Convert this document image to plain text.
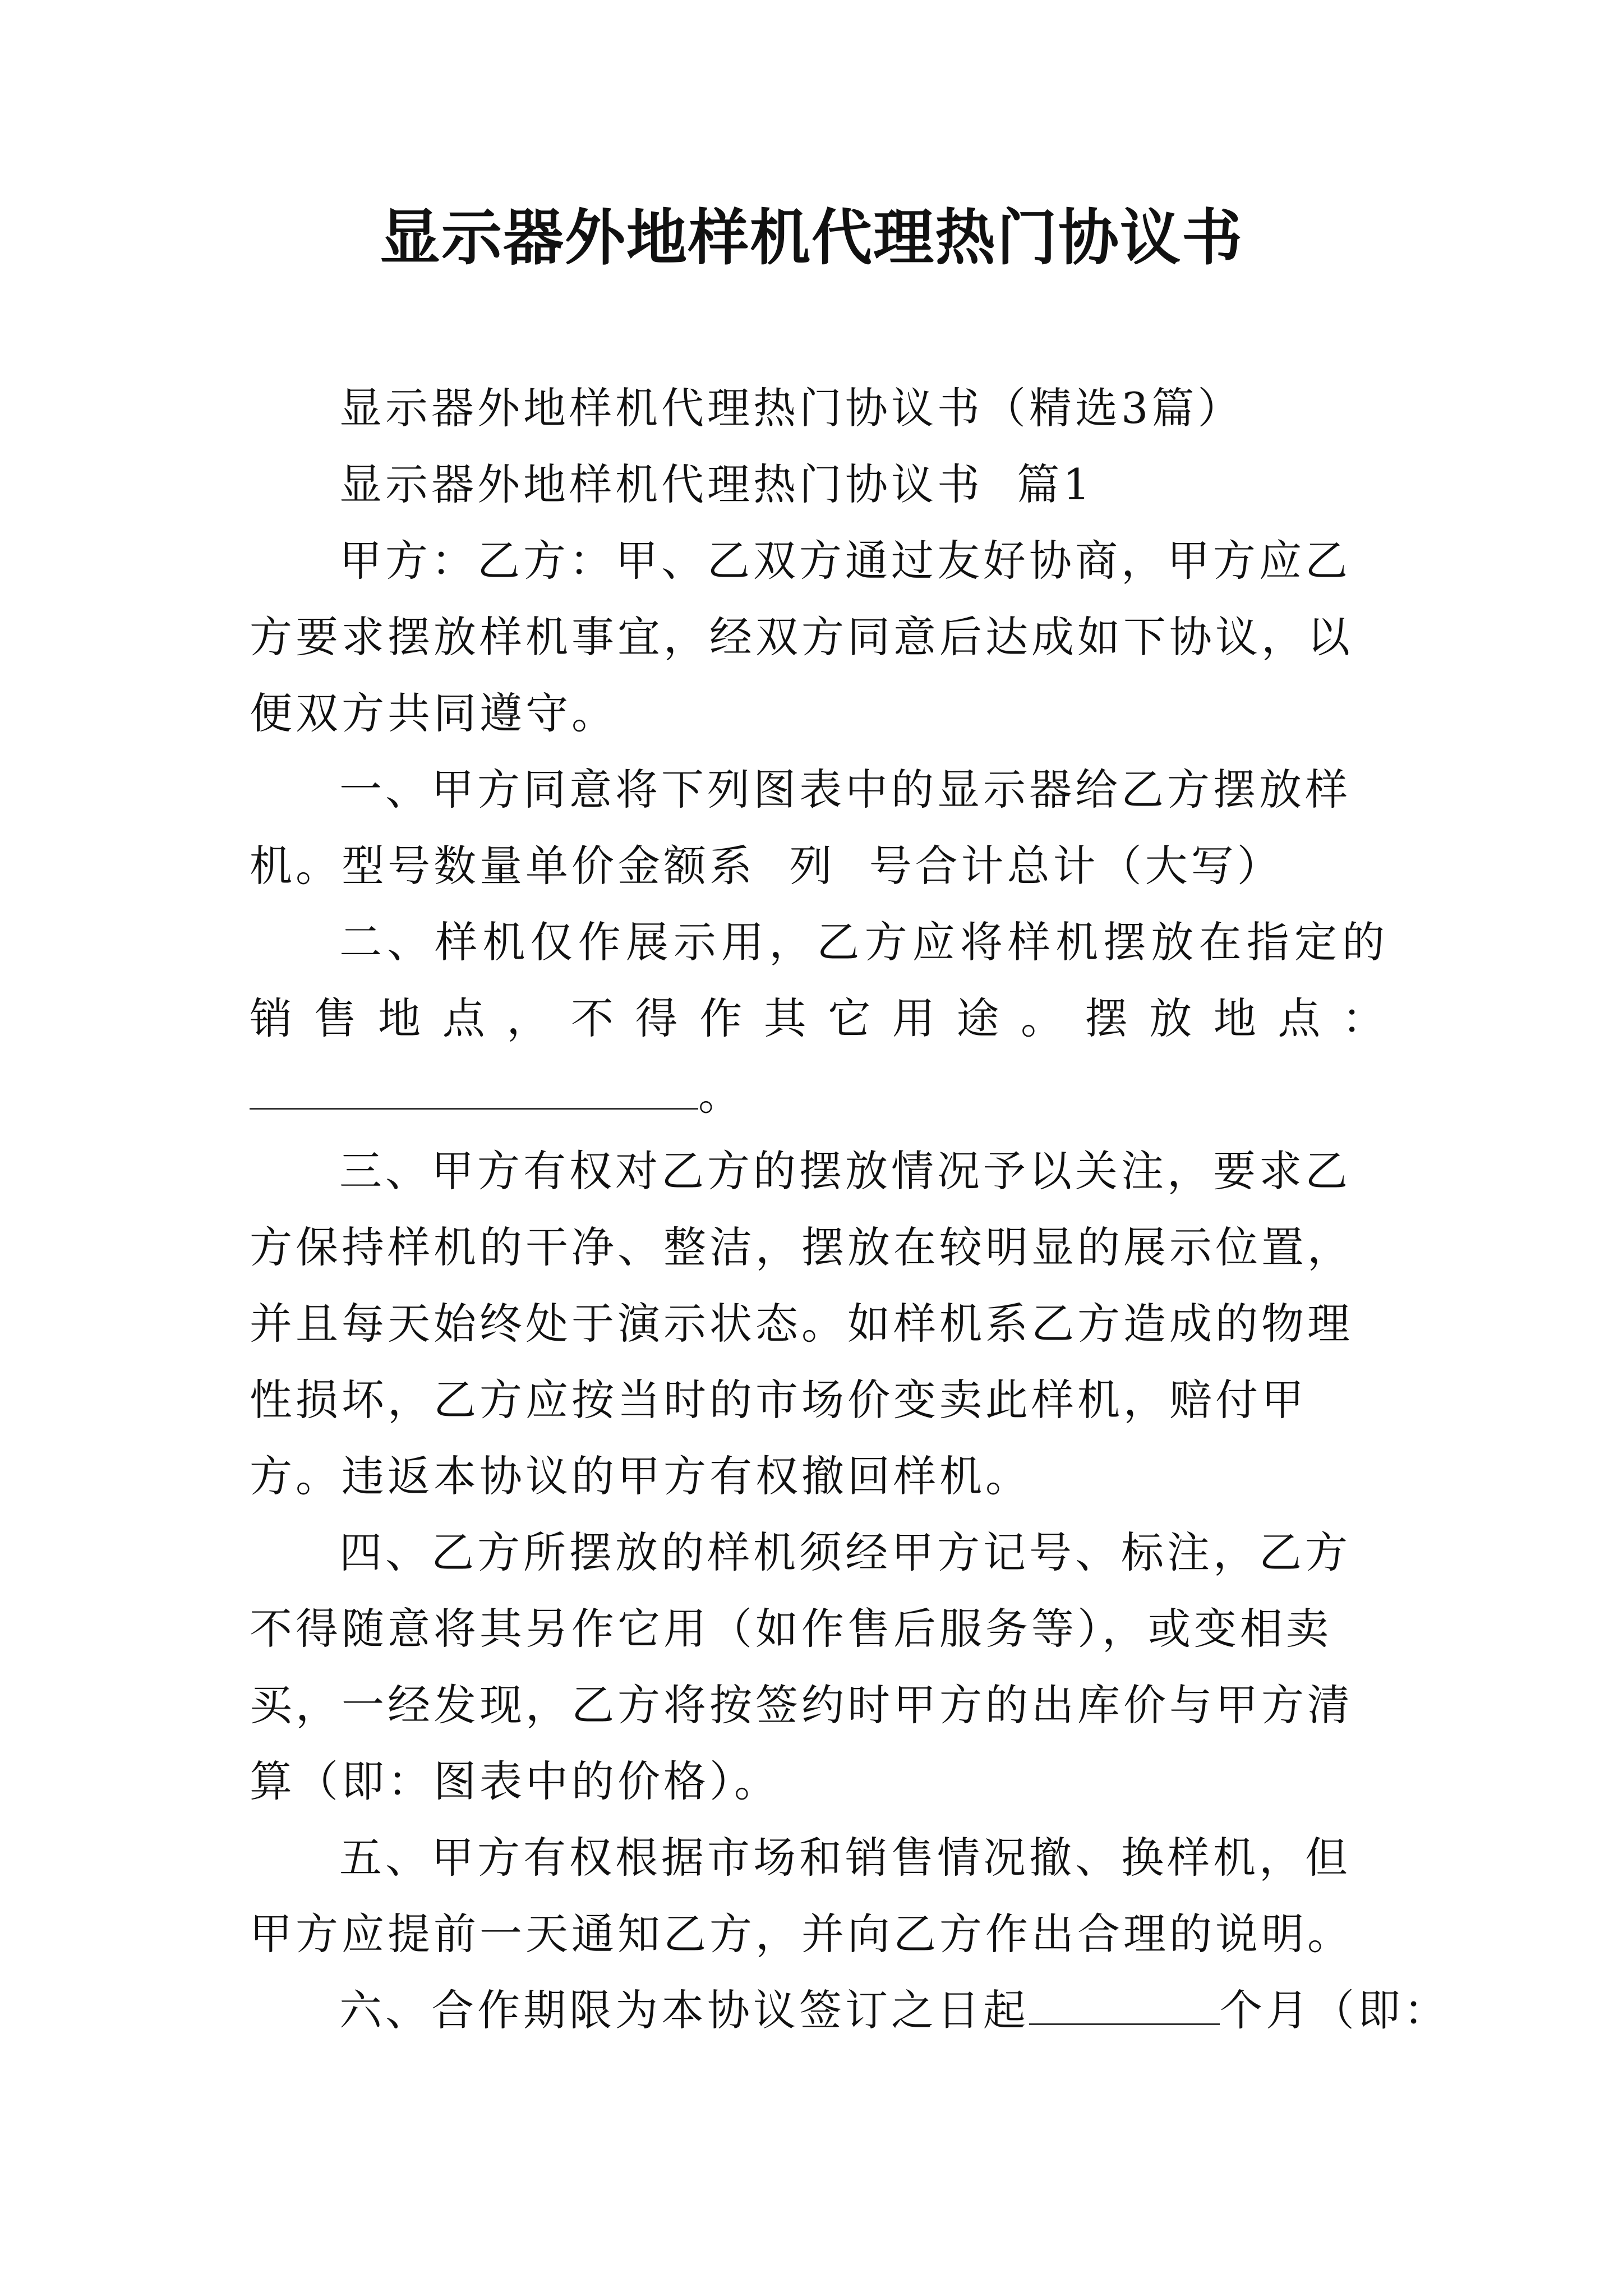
显示器外地样机代理热门协议书

显示器外地样机代理热门协议书（精选3篇）

显示器外地样机代理热门协议书  篇1

甲方：乙方：甲、乙双方通过友好协商，甲方应乙方要求摆放样机事宜，经双方同意后达成如下协议，以便双方共同遵守。

一、甲方同意将下列图表中的显示器给乙方摆放样机。型号数量单价金额系  列  号合计总计（大写）

二、样机仅作展示用，乙方应将样机摆放在指定的销售地点，不得作其它用途。摆放地点：

。

三、甲方有权对乙方的摆放情况予以关注，要求乙方保持样机的干净、整洁，摆放在较明显的展示位置，并且每天始终处于演示状态。如样机系乙方造成的物理性损坏，乙方应按当时的市场价变卖此样机，赔付甲方。违返本协议的甲方有权撤回样机。

四、乙方所摆放的样机须经甲方记号、标注，乙方不得随意将其另作它用（如作售后服务等），或变相卖买，一经发现，乙方将按签约时甲方的出库价与甲方清算（即：图表中的价格）。

五、甲方有权根据市场和销售情况撤、换样机，但甲方应提前一天通知乙方，并向乙方作出合理的说明。

六、合作期限为本协议签订之日起	个月（即：
